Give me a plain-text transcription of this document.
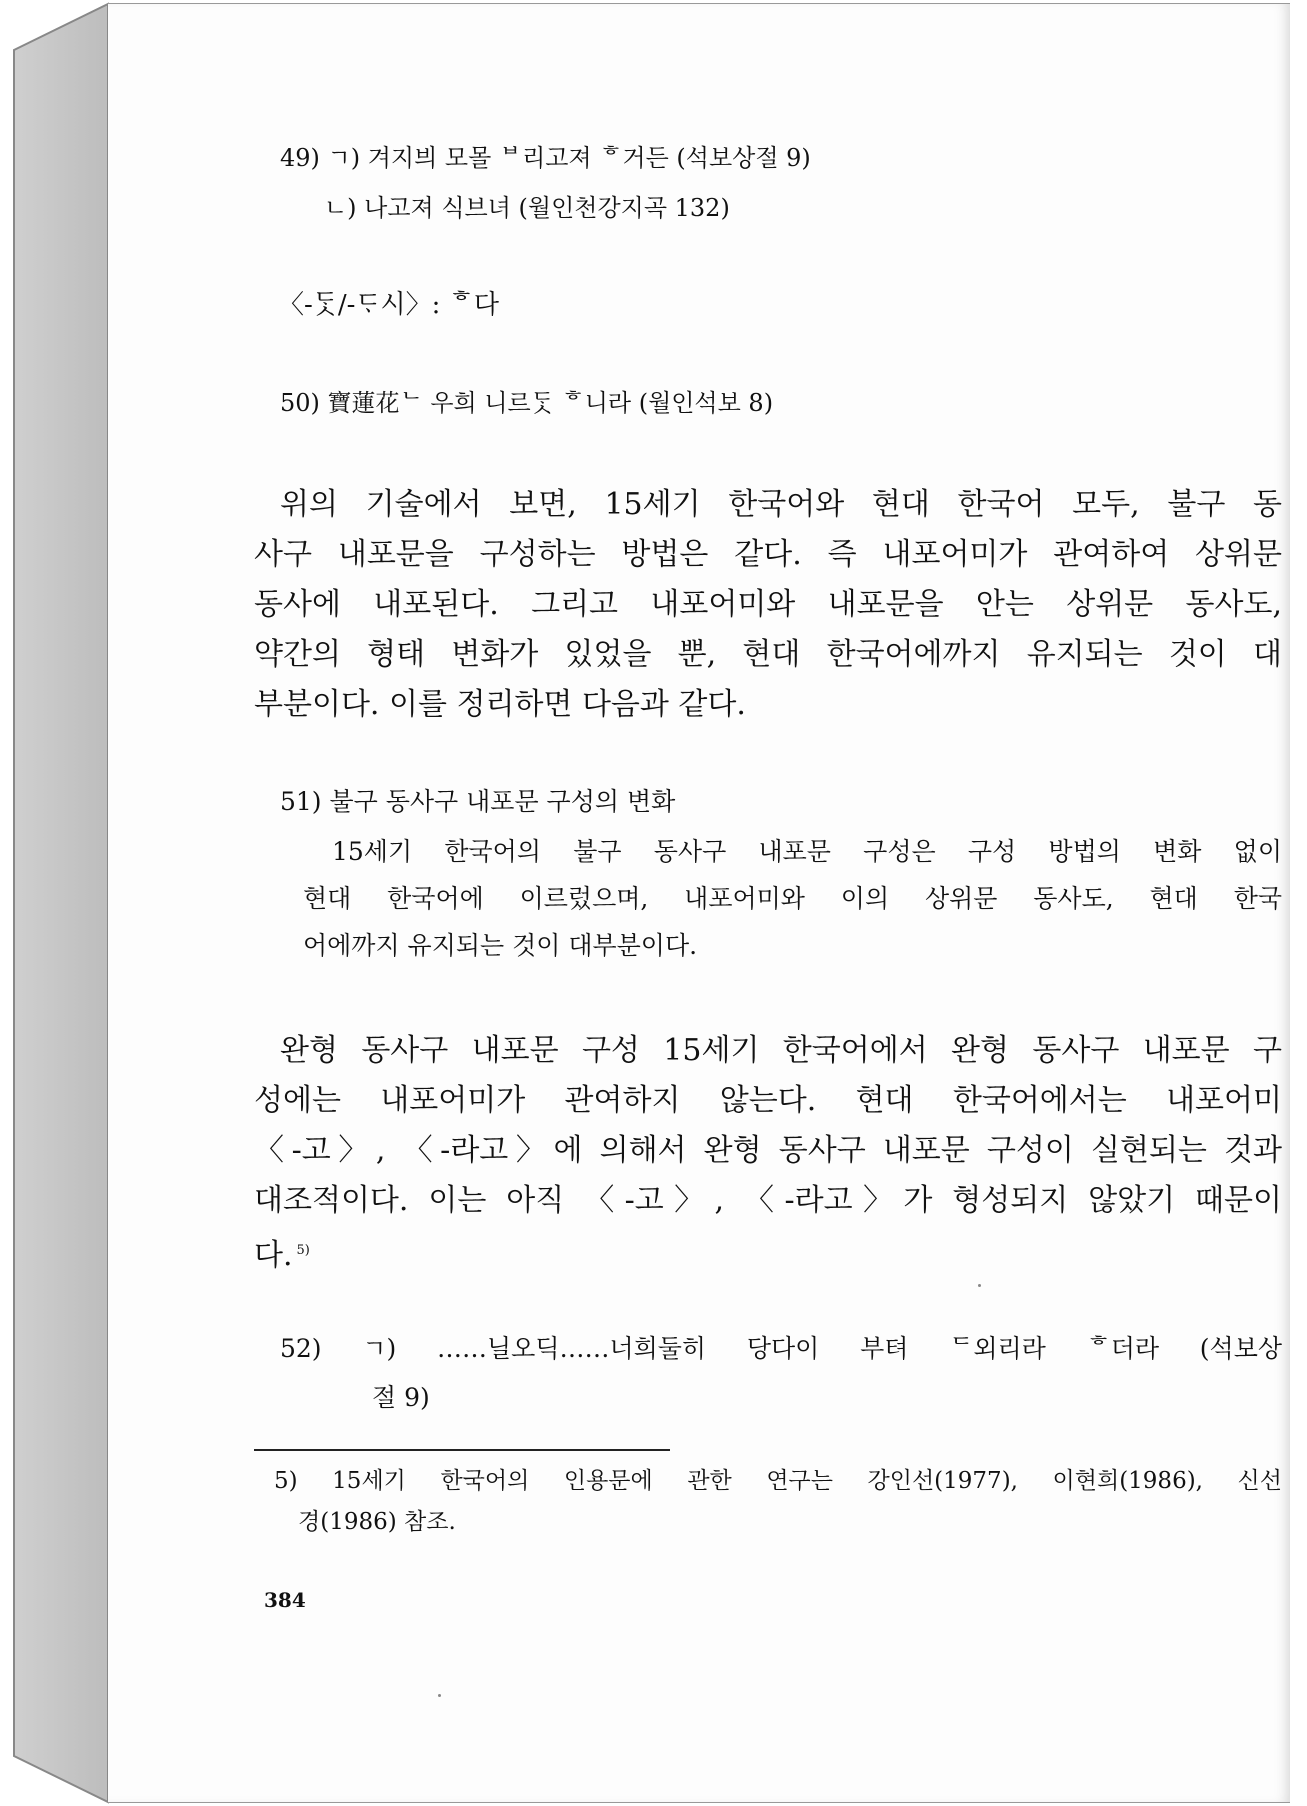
49) ㄱ) 겨지븨 모몰 ᄇ리고져 ᄒ거든 (석보상절 9)
ㄴ) 나고져 식브녀 (월인천강지곡 132)
〈-ᄃᆞᆺ/-ᄃᆞ시〉: ᄒ다
50) 寶蓮花ᄂ 우희 니르ᄃᆞᆺ ᄒ니라 (월인석보 8)
위의 기술에서 보면, 15세기 한국어와 현대 한국어 모두, 불구 동
사구 내포문을 구성하는 방법은 같다. 즉 내포어미가 관여하여 상위문
동사에 내포된다. 그리고 내포어미와 내포문을 안는 상위문 동사도,
약간의 형태 변화가 있었을 뿐, 현대 한국어에까지 유지되는 것이 대
부분이다. 이를 정리하면 다음과 같다.
51) 불구 동사구 내포문 구성의 변화
15세기 한국어의 불구 동사구 내포문 구성은 구성 방법의 변화 없이
현대 한국어에 이르렀으며, 내포어미와 이의 상위문 동사도, 현대 한국
어에까지 유지되는 것이 대부분이다.
완형 동사구 내포문 구성 15세기 한국어에서 완형 동사구 내포문 구
성에는 내포어미가 관여하지 않는다. 현대 한국어에서는 내포어미
〈-고〉, 〈-라고〉에 의해서 완형 동사구 내포문 구성이 실현되는 것과
대조적이다. 이는 아직 〈-고〉, 〈-라고〉가 형성되지 않았기 때문이
다. $^{5)}$
52) ㄱ) ……닐오딕……너희둘히 당다이 부텨 ᄃ외리라 ᄒ더라 (석보상
절 9)
5) 15세기 한국어의 인용문에 관한 연구는 강인선(1977), 이현희(1986), 신선
경(1986) 참조.
384
